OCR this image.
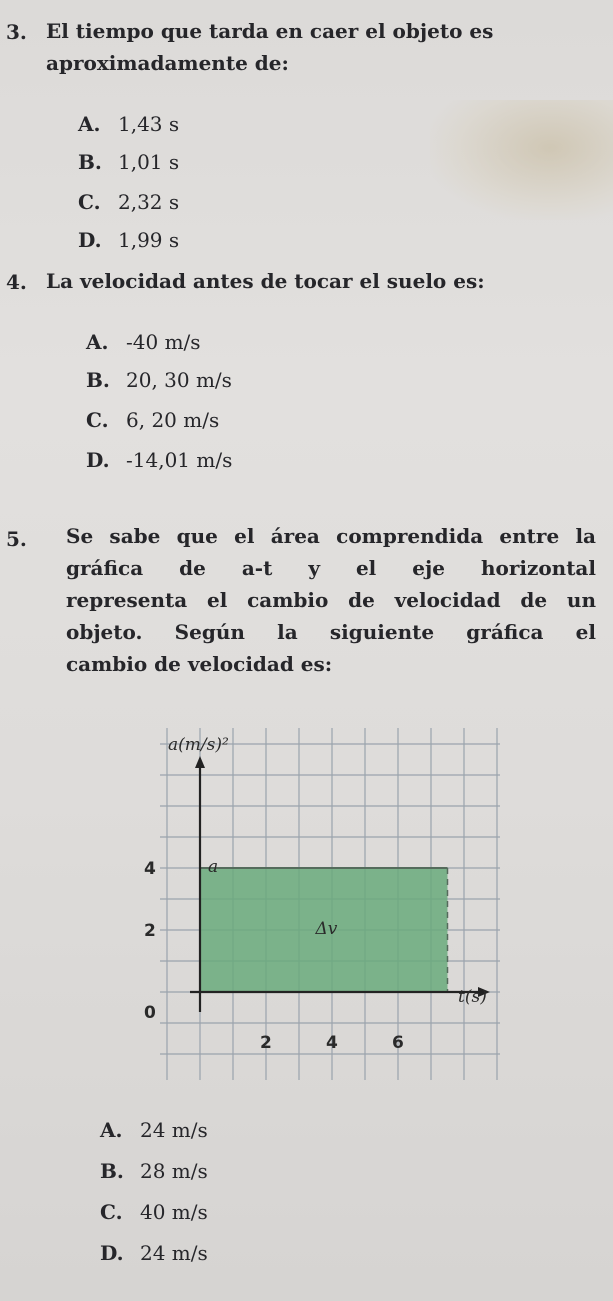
3. El tiempo que tarda en caer el objeto es
aproximadamente de:
A. 1,43 s
B. 1,01 s
C. 2,32 s
D. 1,99 s
4. La velocidad antes de tocar el suelo es:
A. -40 m/s
B. 20, 30 m/s
C. 6, 20 m/s
D. -14,01 m/s
5. Se sabe que el área comprendida entre la
gráfica de a-t y el eje horizontal
representa el cambio de velocidad de un
objeto. Según la siguiente gráfica el
cambio de velocidad es:
a(m/s)²
t(s)
4
2
0
2	4	6
a
Δv
A. 24 m/s
B. 28 m/s
C. 40 m/s
D. 24 m/s
